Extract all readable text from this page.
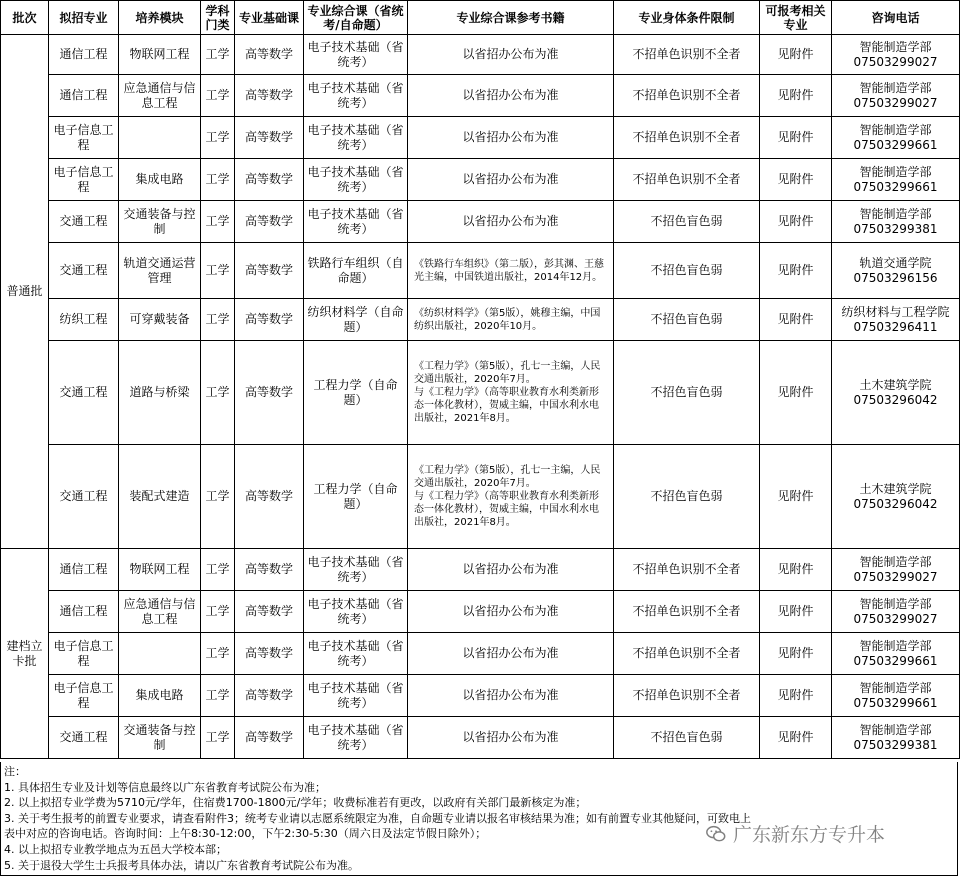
批次	拟招专业	培养模块	学科门类	专业基础课	专业综合课（省统考/自命题）	专业综合课参考书籍	专业身体条件限制	可报考相关专业	咨询电话
普通批	通信工程	物联网工程	工学	高等数学	电子技术基础（省统考）	以省招办公布为准	不招单色识别不全者	见附件	智能制造学部
07503299027
	通信工程	应急通信与信息工程	工学	高等数学	电子技术基础（省统考）	以省招办公布为准	不招单色识别不全者	见附件	智能制造学部
07503299027
	电子信息工程		工学	高等数学	电子技术基础（省统考）	以省招办公布为准	不招单色识别不全者	见附件	智能制造学部
07503299661
	电子信息工程	集成电路	工学	高等数学	电子技术基础（省统考）	以省招办公布为准	不招单色识别不全者	见附件	智能制造学部
07503299661
	交通工程	交通装备与控制	工学	高等数学	电子技术基础（省统考）	以省招办公布为准	不招色盲色弱	见附件	智能制造学部
07503299381
	交通工程	轨道交通运营管理	工学	高等数学	铁路行车组织（自命题）	《铁路行车组织》（第二版），彭其渊、王慈光主编，中国铁道出版社，2014年12月。	不招色盲色弱	见附件	轨道交通学院
07503296156
	纺织工程	可穿戴装备	工学	高等数学	纺织材料学（自命题）	《纺织材料学》（第5版），姚穆主编，中国纺织出版社，2020年10月。	不招色盲色弱	见附件	纺织材料与工程学院07503296411
	交通工程	道路与桥梁	工学	高等数学	工程力学（自命题）	《工程力学》（第5版），孔七一主编，人民交通出版社，2020年7月。
与《工程力学》（高等职业教育水利类新形态一体化教材），贺威主编，中国水利水电出版社，2021年8月。	不招色盲色弱	见附件	土木建筑学院
07503296042
	交通工程	装配式建造	工学	高等数学	工程力学（自命题）	《工程力学》（第5版），孔七一主编，人民交通出版社，2020年7月。
与《工程力学》（高等职业教育水利类新形态一体化教材），贺威主编，中国水利水电出版社，2021年8月。	不招色盲色弱	见附件	土木建筑学院
07503296042
建档立卡批	通信工程	物联网工程	工学	高等数学	电子技术基础（省统考）	以省招办公布为准	不招单色识别不全者	见附件	智能制造学部
07503299027
	通信工程	应急通信与信息工程	工学	高等数学	电子技术基础（省统考）	以省招办公布为准	不招单色识别不全者	见附件	智能制造学部
07503299027
	电子信息工程		工学	高等数学	电子技术基础（省统考）	以省招办公布为准	不招单色识别不全者	见附件	智能制造学部
07503299661
	电子信息工程	集成电路	工学	高等数学	电子技术基础（省统考）	以省招办公布为准	不招单色识别不全者	见附件	智能制造学部
07503299661
	交通工程	交通装备与控制	工学	高等数学	电子技术基础（省统考）	以省招办公布为准	不招色盲色弱	见附件	智能制造学部
07503299381
注：
1. 具体招生专业及计划等信息最终以广东省教育考试院公布为准；
2. 以上拟招专业学费为5710元/学年，住宿费1700-1800元/学年；收费标准若有更改，以政府有关部门最新核定为准；
3. 关于考生报考的前置专业要求，请查看附件3；统考专业请以志愿系统限定为准，自命题专业请以报名审核结果为准；如有前置专业其他疑问，可致电上
表中对应的咨询电话。咨询时间：上午8:30-12:00，下午2:30-5:30（周六日及法定节假日除外）；
4. 以上拟招专业教学地点为五邑大学校本部；
5. 关于退役大学生士兵报考具体办法，请以广东省教育考试院公布为准。
广东新东方专升本
